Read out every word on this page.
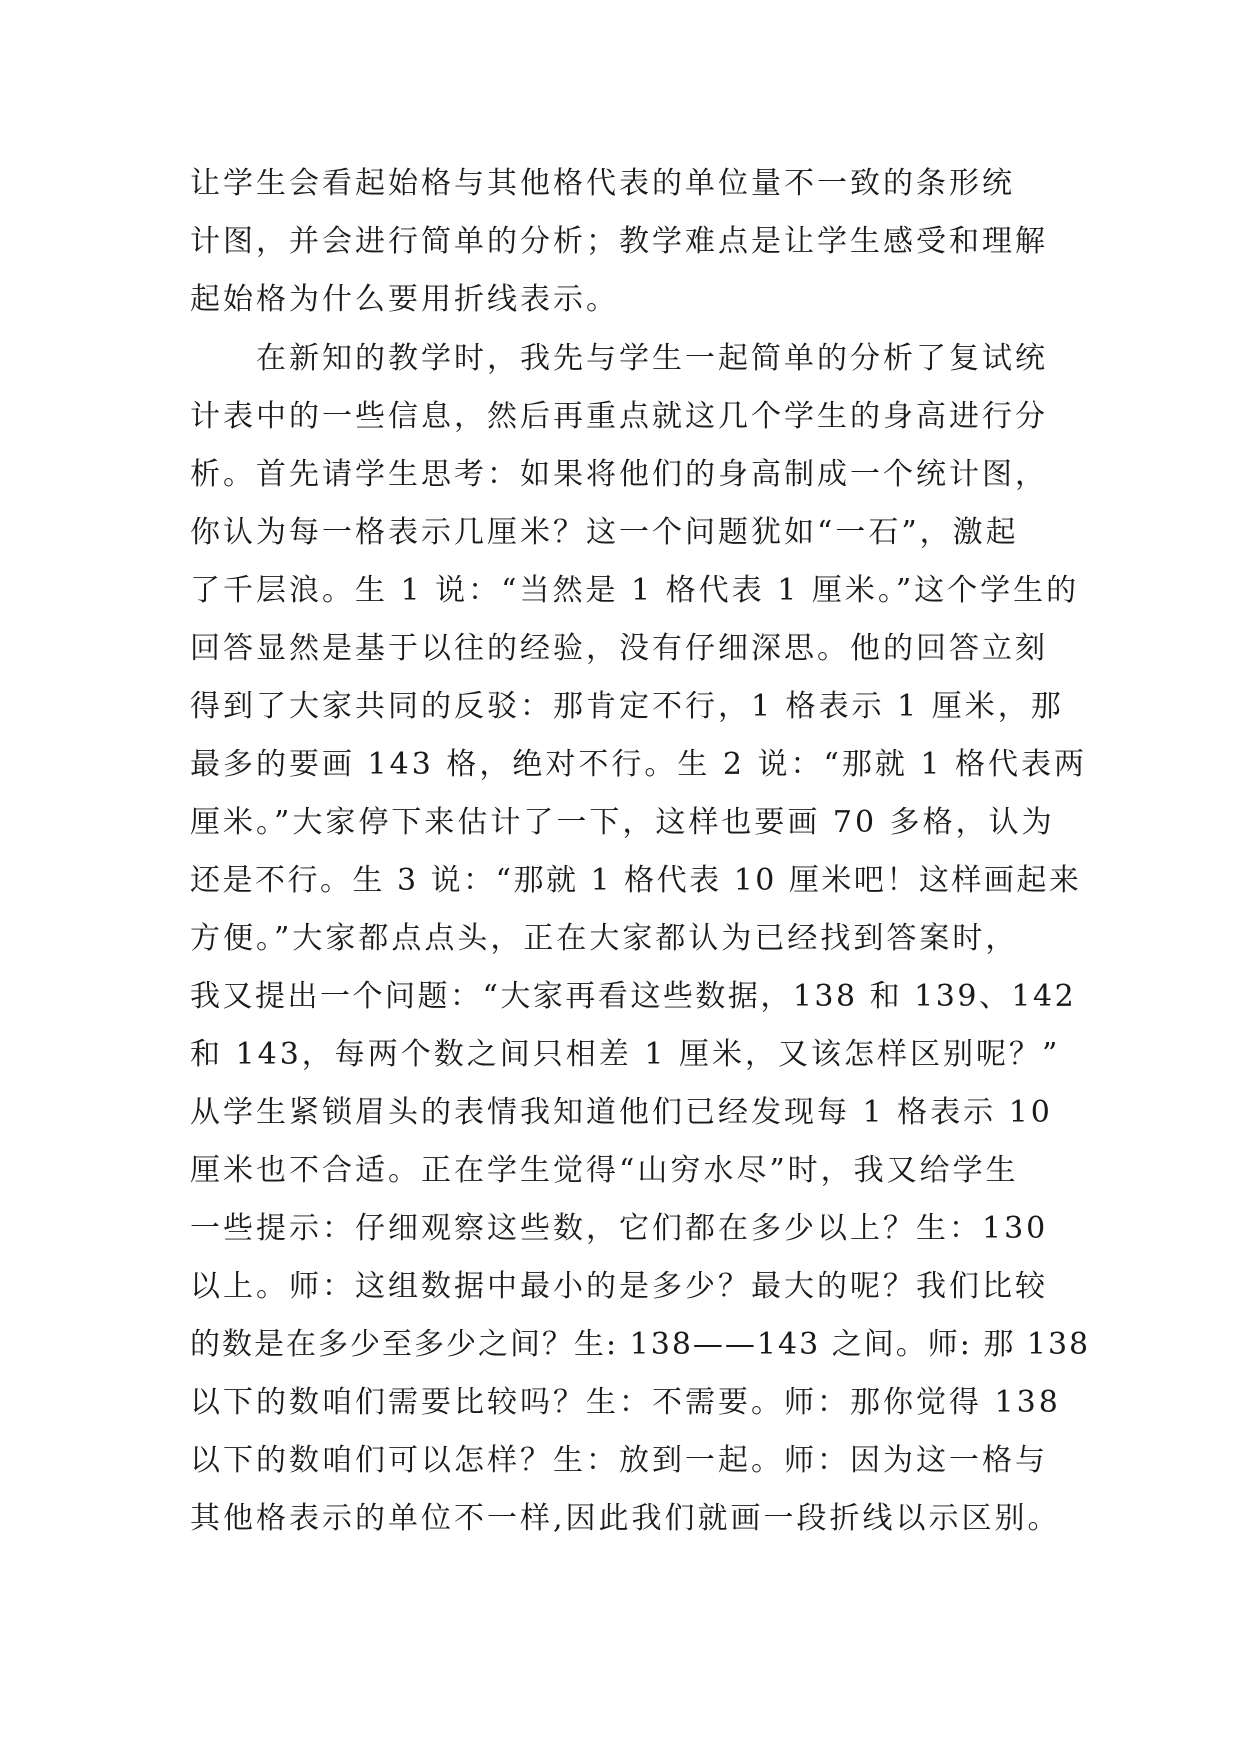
让学生会看起始格与其他格代表的单位量不一致的条形统
计图，并会进行简单的分析；教学难点是让学生感受和理解
起始格为什么要用折线表示。
在新知的教学时，我先与学生一起简单的分析了复试统
计表中的一些信息，然后再重点就这几个学生的身高进行分
析。首先请学生思考：如果将他们的身高制成一个统计图，
你认为每一格表示几厘米？这一个问题犹如“一石”，激起
了千层浪。生 1 说：“当然是 1 格代表 1 厘米。”这个学生的
回答显然是基于以往的经验，没有仔细深思。他的回答立刻
得到了大家共同的反驳：那肯定不行，1 格表示 1 厘米，那
最多的要画 143 格，绝对不行。生 2 说：“那就 1 格代表两
厘米。”大家停下来估计了一下，这样也要画 70 多格，认为
还是不行。生 3 说：“那就 1 格代表 10 厘米吧！这样画起来
方便。”大家都点点头，正在大家都认为已经找到答案时，
我又提出一个问题：“大家再看这些数据，138 和 139、142
和 143，每两个数之间只相差 1 厘米，又该怎样区别呢？”
从学生紧锁眉头的表情我知道他们已经发现每 1 格表示 10
厘米也不合适。正在学生觉得“山穷水尽”时，我又给学生
一些提示：仔细观察这些数，它们都在多少以上？生：130
以上。师：这组数据中最小的是多少？最大的呢？我们比较
的数是在多少至多少之间？生: 138——143 之间。师: 那 138
以下的数咱们需要比较吗？生：不需要。师：那你觉得 138
以下的数咱们可以怎样？生：放到一起。师：因为这一格与
其他格表示的单位不一样,因此我们就画一段折线以示区别。
